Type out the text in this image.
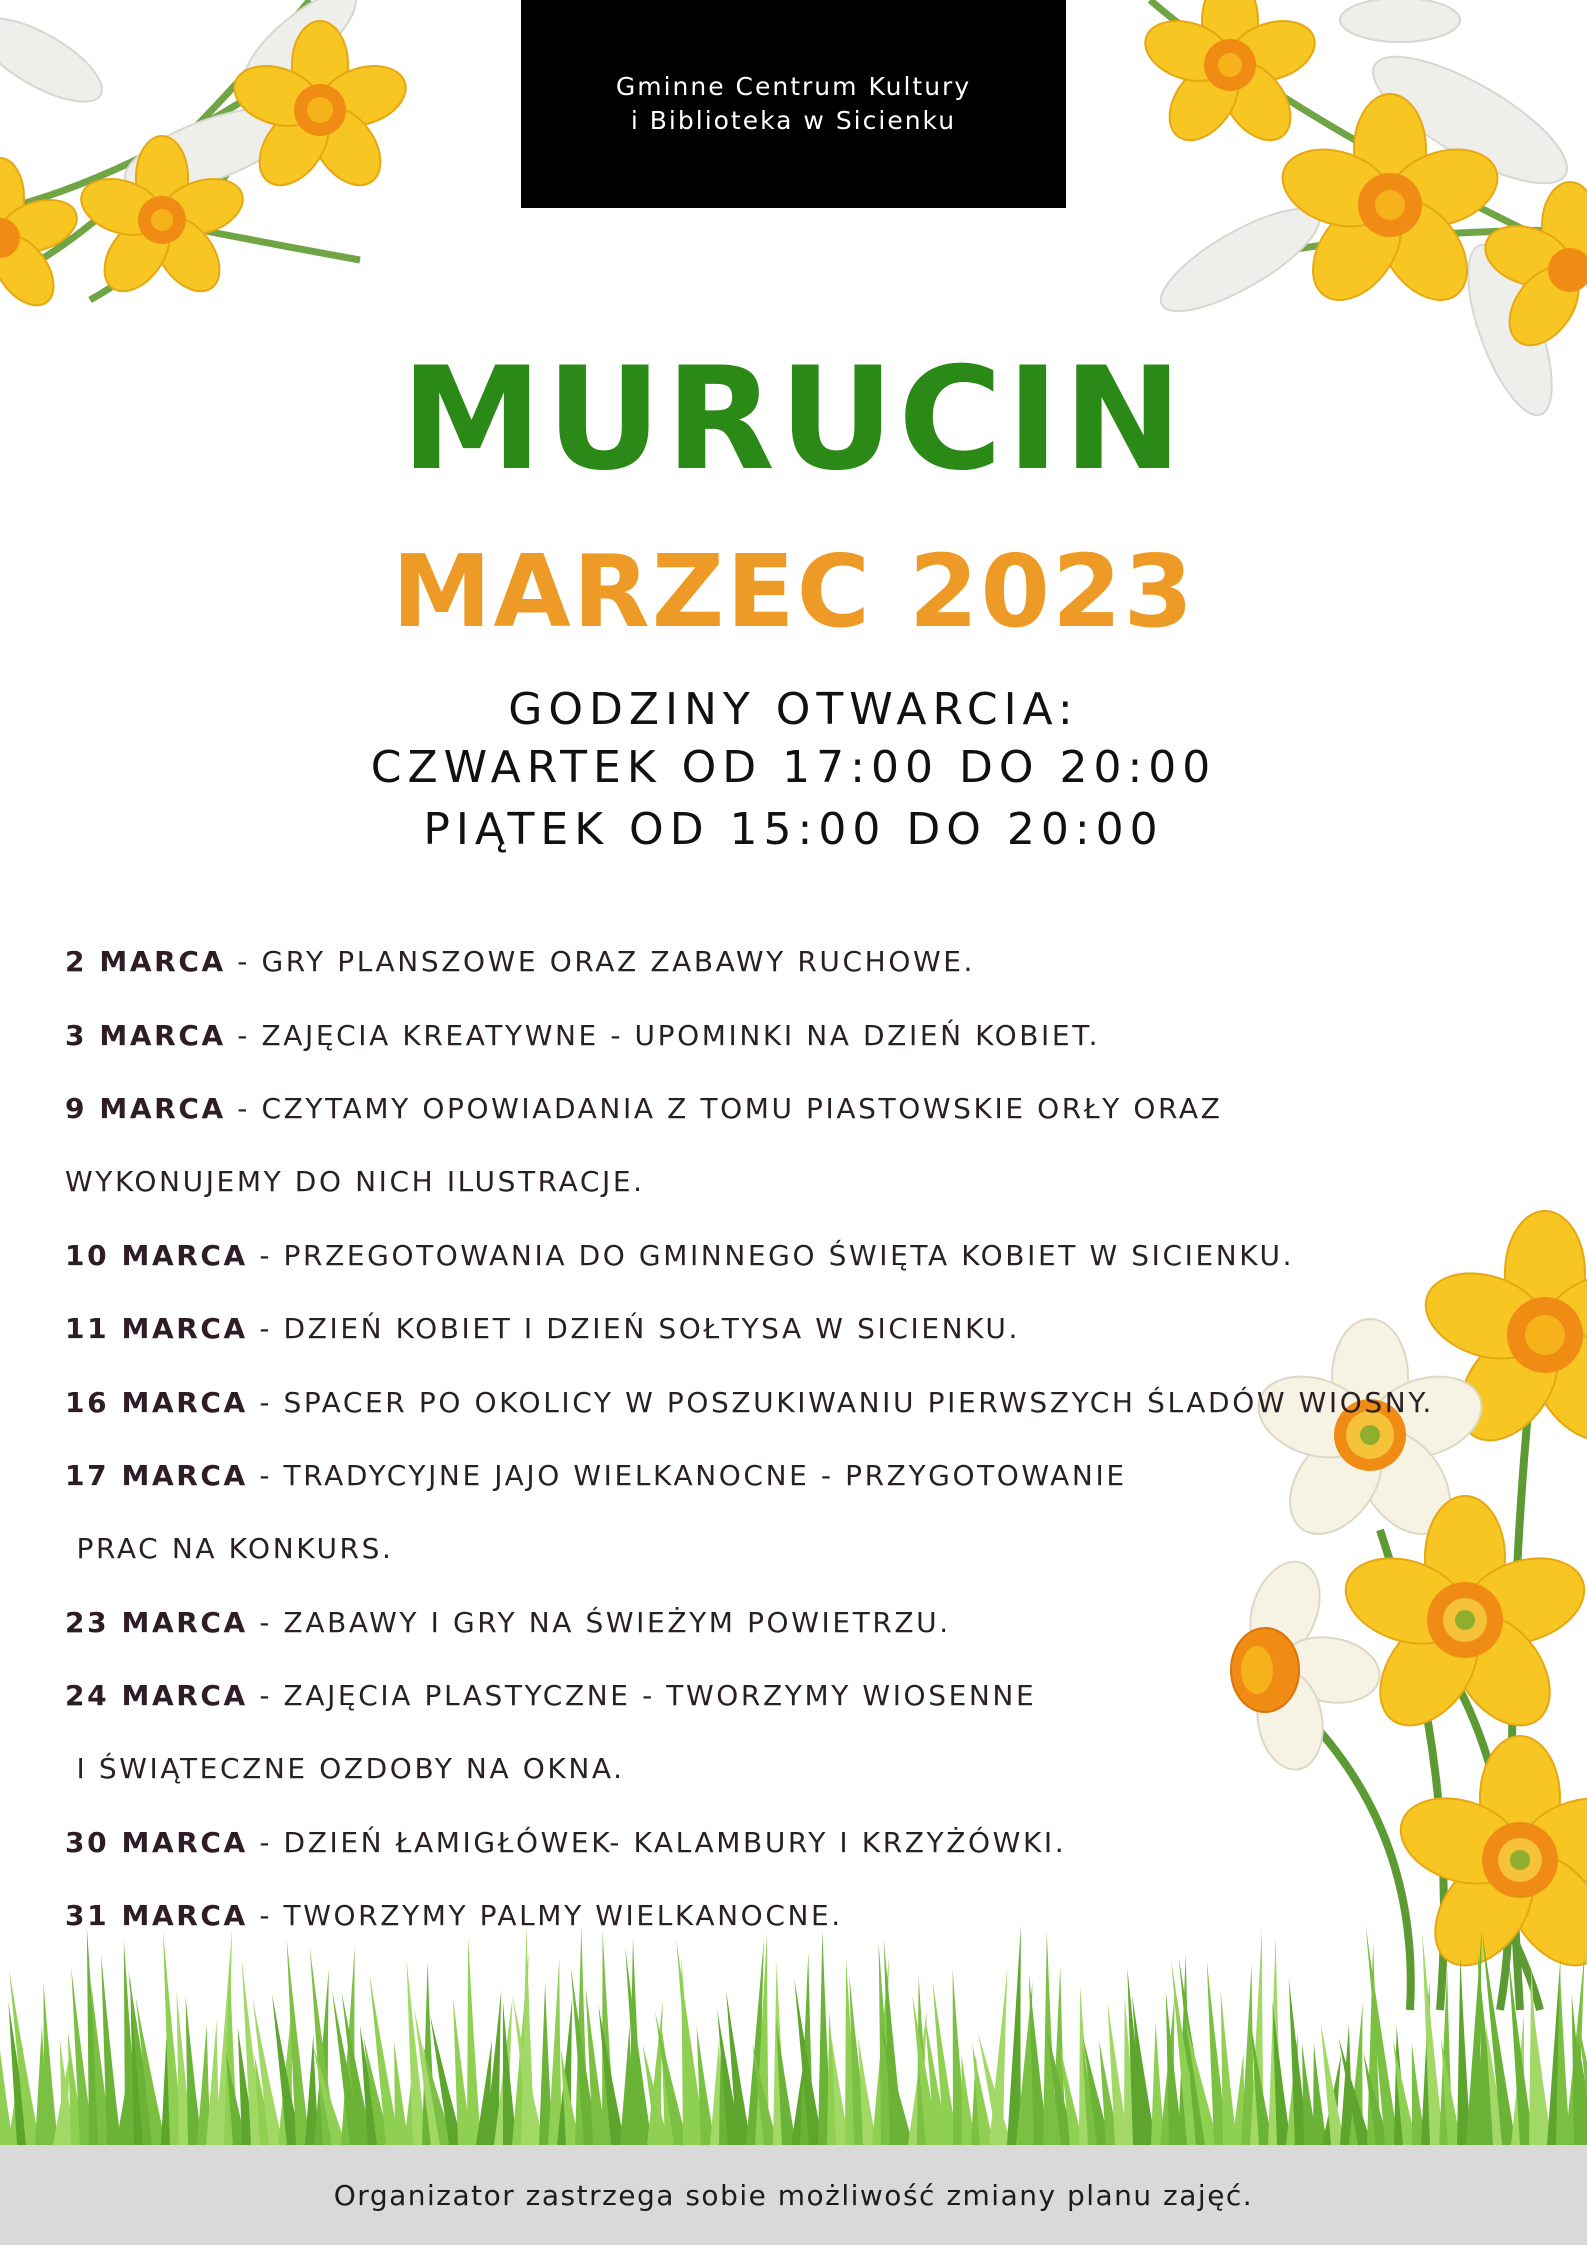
Gminne Centrum Kultury
i Biblioteka w Sicienku
MURUCIN
MARZEC 2023
GODZINY OTWARCIA:
CZWARTEK OD 17:00 DO 20:00
PIĄTEK OD 15:00 DO 20:00
2 MARCA - GRY PLANSZOWE ORAZ ZABAWY RUCHOWE.
3 MARCA - ZAJĘCIA KREATYWNE - UPOMINKI NA DZIEŃ KOBIET.
9 MARCA - CZYTAMY OPOWIADANIA Z TOMU PIASTOWSKIE ORŁY ORAZ
WYKONUJEMY DO NICH ILUSTRACJE.
10 MARCA - PRZEGOTOWANIA DO GMINNEGO ŚWIĘTA KOBIET W SICIENKU.
11 MARCA - DZIEŃ KOBIET I DZIEŃ SOŁTYSA W SICIENKU.
16 MARCA - SPACER PO OKOLICY W POSZUKIWANIU PIERWSZYCH ŚLADÓW WIOSNY.
17 MARCA - TRADYCYJNE JAJO WIELKANOCNE - PRZYGOTOWANIE
PRAC NA KONKURS.
23 MARCA - ZABAWY I GRY NA ŚWIEŻYM POWIETRZU.
24 MARCA - ZAJĘCIA PLASTYCZNE - TWORZYMY WIOSENNE
I ŚWIĄTECZNE OZDOBY NA OKNA.
30 MARCA - DZIEŃ ŁAMIGŁÓWEK- KALAMBURY I KRZYŻÓWKI.
31 MARCA - TWORZYMY PALMY WIELKANOCNE.
Organizator zastrzega sobie możliwość zmiany planu zajęć.
